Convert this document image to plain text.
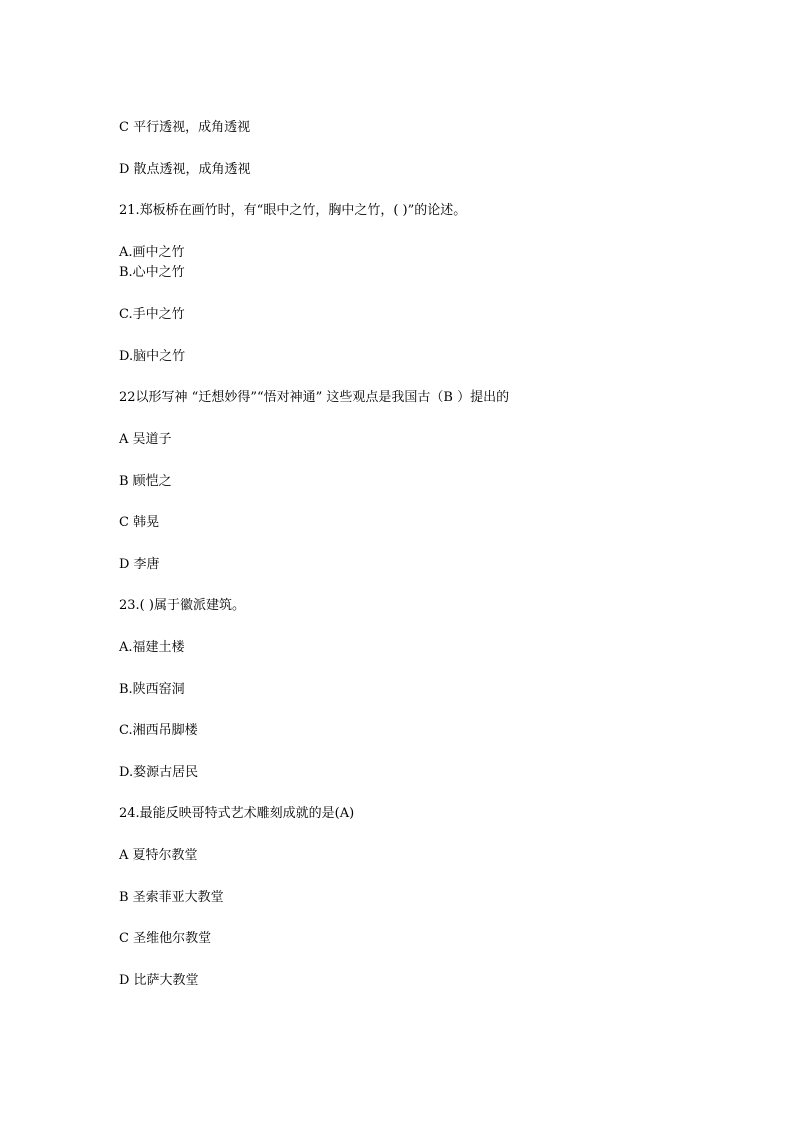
C 平行透视，成角透视
D 散点透视，成角透视
21.郑板桥在画竹时，有“眼中之竹，胸中之竹，( )”的论述。
A.画中之竹
B.心中之竹
C.手中之竹
D.脑中之竹
22以形写神 “迁想妙得”“悟对神通” 这些观点是我国古（B ）提出的
A 吴道子
B 顾恺之
C 韩晃
D 李唐
23.( )属于徽派建筑。
A.福建土楼
B.陕西窑洞
C.湘西吊脚楼
D.婺源古居民
24.最能反映哥特式艺术雕刻成就的是(A)
A 夏特尔教堂
B 圣索菲亚大教堂
C 圣维他尔教堂
D 比萨大教堂
